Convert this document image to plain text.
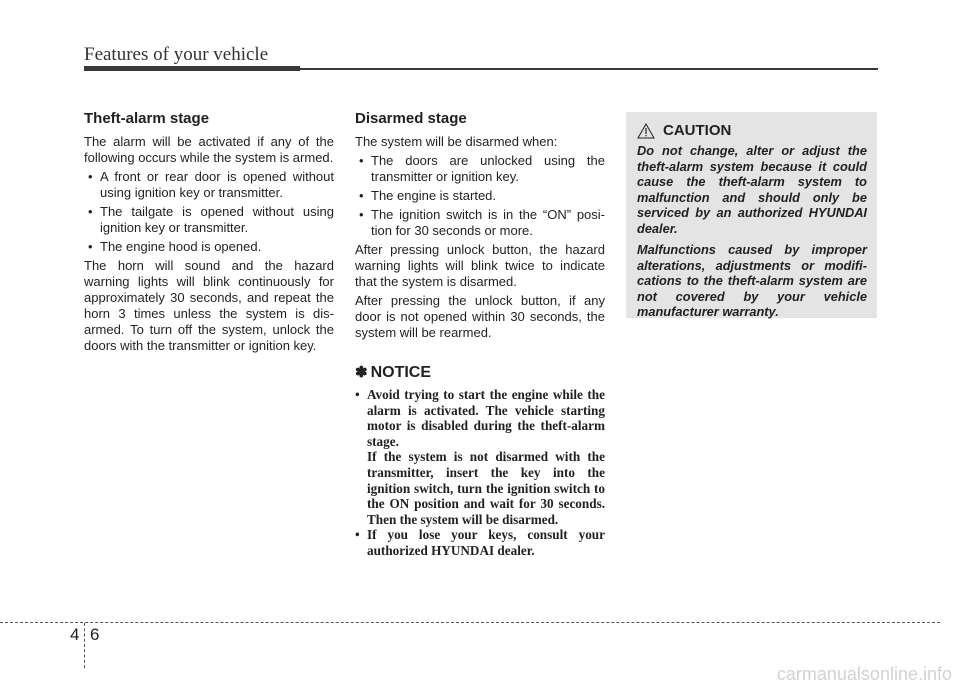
Features of your vehicle
Theft-alarm stage

The alarm will be activated if any of the following occurs while the system is armed.

• A front or rear door is opened without using ignition key or transmitter.
• The tailgate is opened without using ignition key or transmitter.
• The engine hood is opened.

The horn will sound and the hazard warning lights will blink continuously for approximately 30 seconds, and repeat the horn 3 times unless the system is dis-armed. To turn off the system, unlock the doors with the transmitter or ignition key.

Disarmed stage

The system will be disarmed when:

• The doors are unlocked using the transmitter or ignition key.
• The engine is started.
• The ignition switch is in the “ON” posi-tion for 30 seconds or more.

After pressing unlock button, the hazard warning lights will blink twice to indicate that the system is disarmed.

After pressing the unlock button, if any door is not opened within 30 seconds, the system will be rearmed.

✽ NOTICE
• Avoid trying to start the engine while the alarm is activated. The vehicle starting motor is disabled during the theft-alarm stage.
If the system is not disarmed with the transmitter, insert the key into the ignition switch, turn the ignition switch to the ON position and wait for 30 seconds. Then the system will be disarmed.
• If you lose your keys, consult your authorized HYUNDAI dealer.
CAUTION

Do not change, alter or adjust the theft-alarm system because it could cause the theft-alarm system to malfunction and should only be serviced by an authorized HYUNDAI dealer.

Malfunctions caused by improper alterations, adjustments or modifi-cations to the theft-alarm system are not covered by your vehicle manufacturer warranty.

4 6
carmanualsonline.info
